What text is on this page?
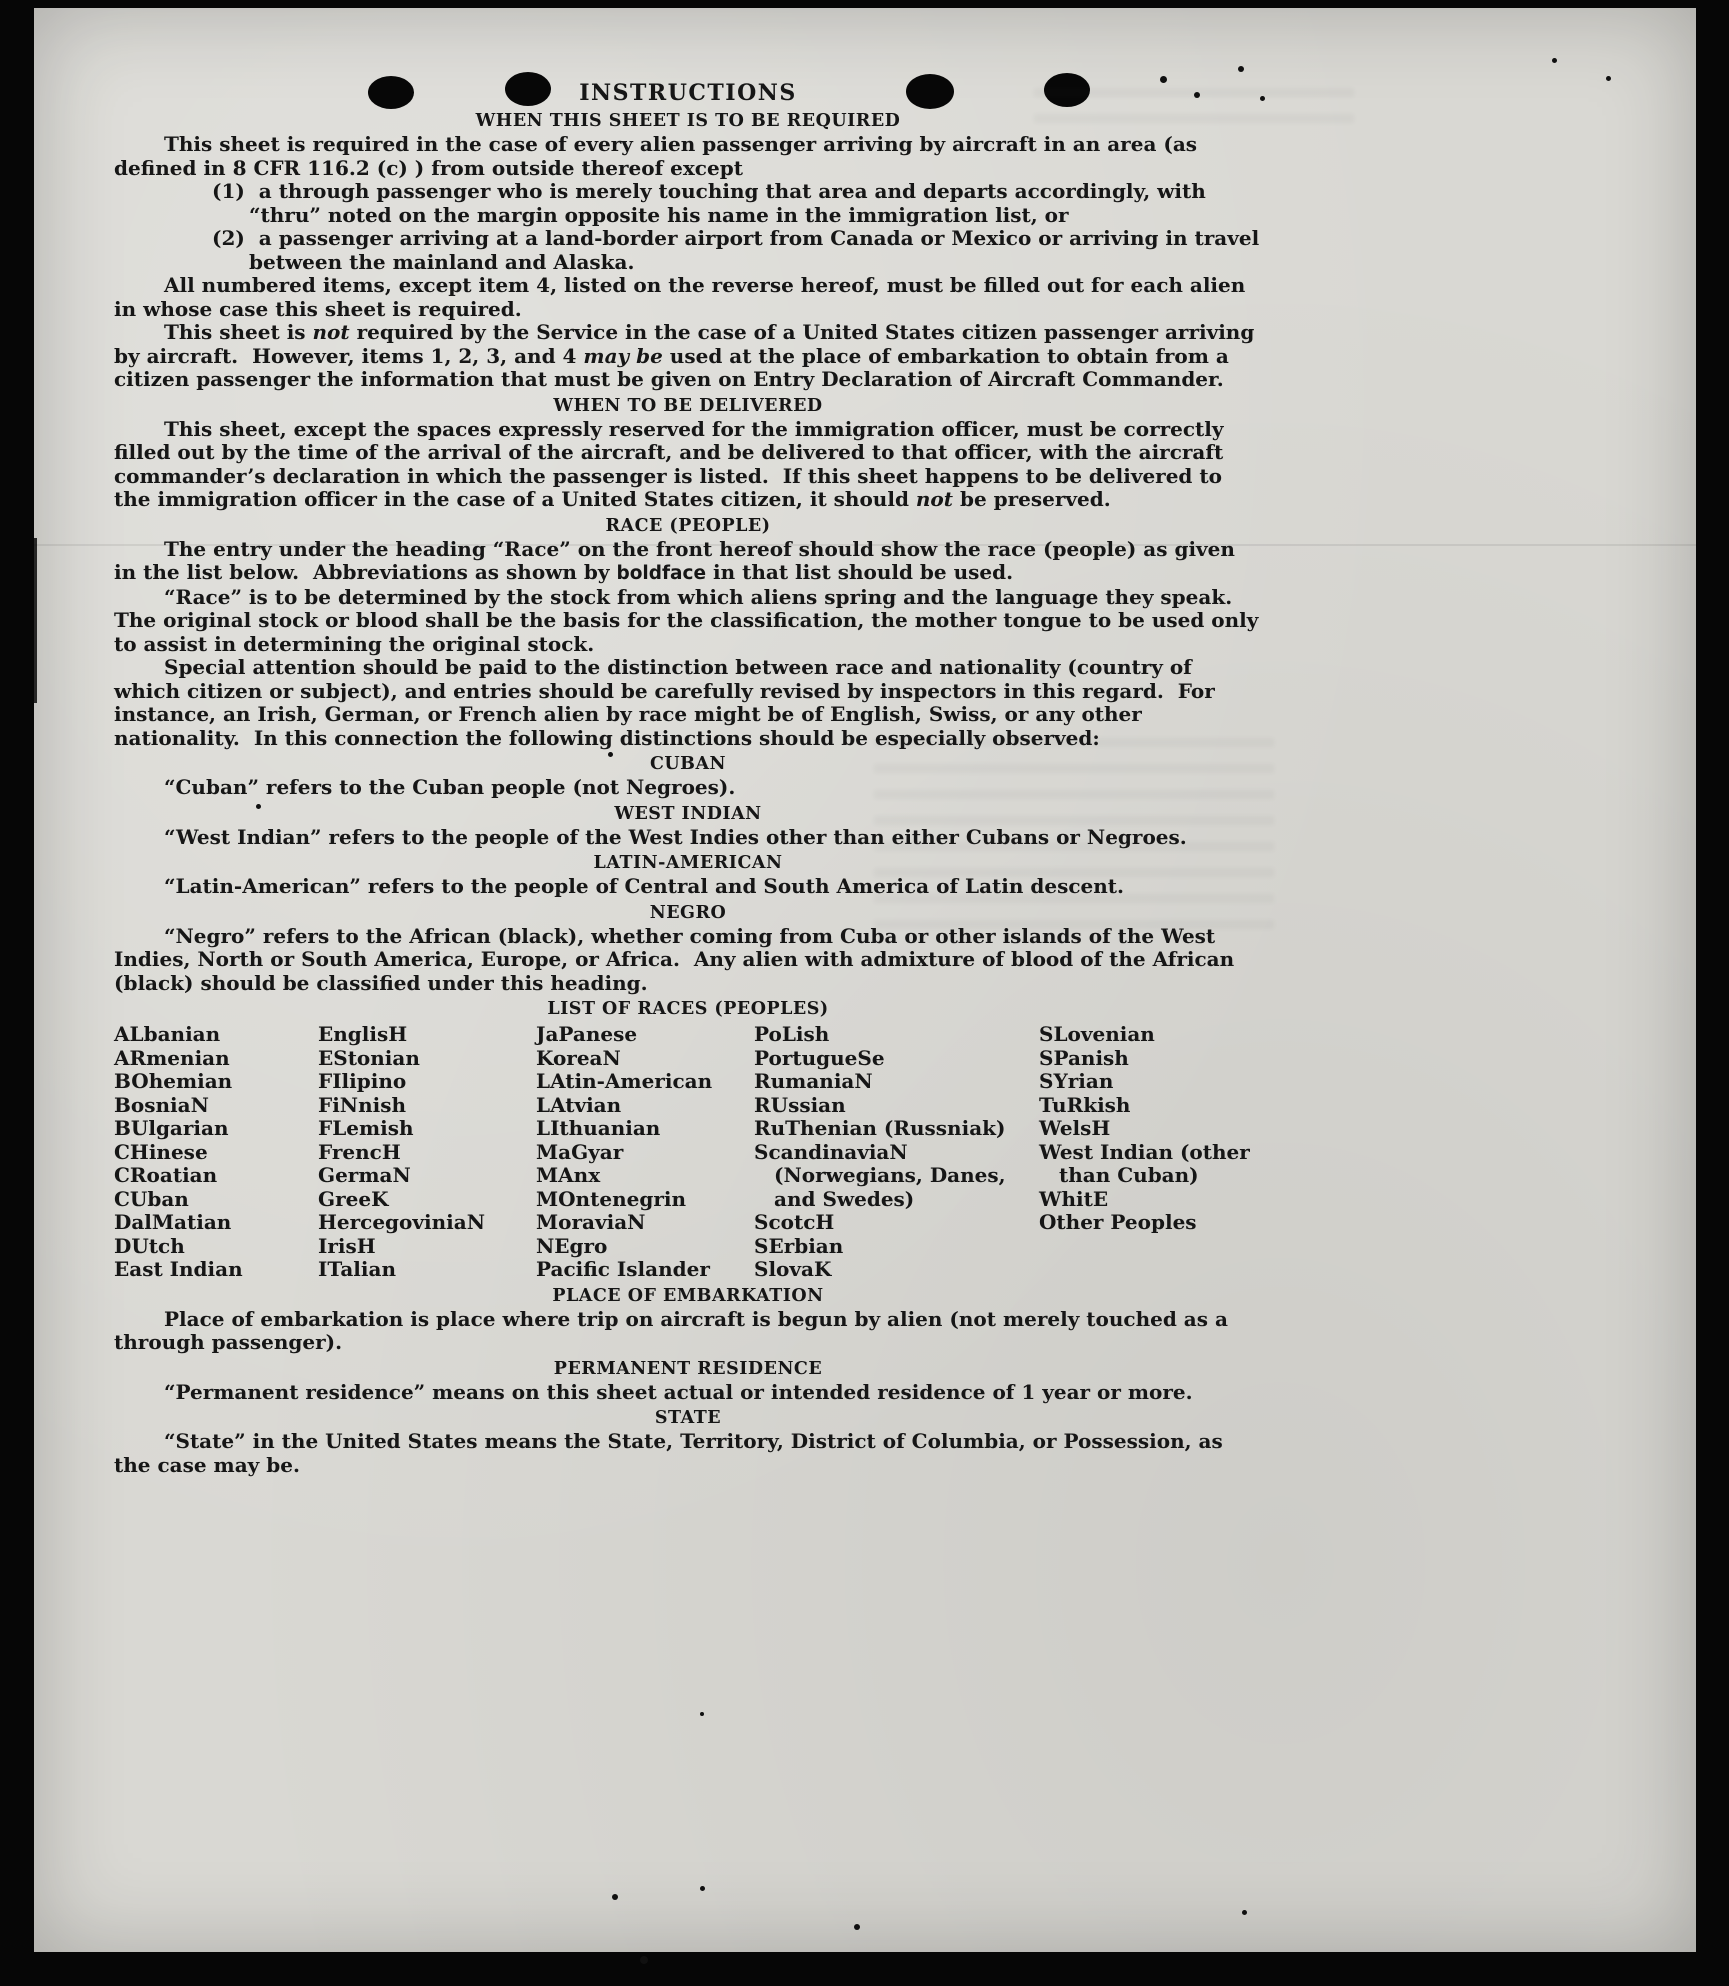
INSTRUCTIONS
WHEN THIS SHEET IS TO BE REQUIRED

This sheet is required in the case of every alien passenger arriving by aircraft in an area (as defined in 8 CFR 116.2 (c) ) from outside thereof except

(1)  a through passenger who is merely touching that area and departs accordingly, with “thru” noted on the margin opposite his name in the immigration list, or

(2)  a passenger arriving at a land-border airport from Canada or Mexico or arriving in travel between the mainland and Alaska.

All numbered items, except item 4, listed on the reverse hereof, must be filled out for each alien in whose case this sheet is required.

This sheet is not required by the Service in the case of a United States citizen passenger arriving by aircraft.  However, items 1, 2, 3, and 4 may be used at the place of embarkation to obtain from a citizen passenger the information that must be given on Entry Declaration of Aircraft Commander.

WHEN TO BE DELIVERED

This sheet, except the spaces expressly reserved for the immigration officer, must be correctly filled out by the time of the arrival of the aircraft, and be delivered to that officer, with the aircraft commander’s declaration in which the passenger is listed.  If this sheet happens to be delivered to the immigration officer in the case of a United States citizen, it should not be preserved.

RACE (PEOPLE)

The entry under the heading “Race” on the front hereof should show the race (people) as given in the list below.  Abbreviations as shown by boldface in that list should be used.

“Race” is to be determined by the stock from which aliens spring and the language they speak.  The original stock or blood shall be the basis for the classification, the mother tongue to be used only to assist in determining the original stock.

Special attention should be paid to the distinction between race and nationality (country of which citizen or subject), and entries should be carefully revised by inspectors in this regard.  For instance, an Irish, German, or French alien by race might be of English, Swiss, or any other nationality.  In this connection the following distinctions should be especially observed:

CUBAN

“Cuban” refers to the Cuban people (not Negroes).

WEST INDIAN

“West Indian” refers to the people of the West Indies other than either Cubans or Negroes.

LATIN-AMERICAN

“Latin-American” refers to the people of Central and South America of Latin descent.

NEGRO

“Negro” refers to the African (black), whether coming from Cuba or other islands of the West Indies, North or South America, Europe, or Africa.  Any alien with admixture of blood of the African (black) should be classified under this heading.

LIST OF RACES (PEOPLES)
ALbanian
ARmenian
BOhemian
BosniaN
BUlgarian
CHinese
CRoatian
CUban
DalMatian
DUtch
East Indian
EnglisH
EStonian
FIlipino
FiNnish
FLemish
FrencH
GermaN
GreeK
HercegoviniaN
IrisH
ITalian
JaPanese
KoreaN
LAtin-American
LAtvian
LIthuanian
MaGyar
MAnx
MOntenegrin
MoraviaN
NEgro
Pacific Islander
PoLish
PortugueSe
RumaniaN
RUssian
RuThenian (Russniak)
ScandinaviaN (Norwegians, Danes, and Swedes)
ScotcH
SErbian
SlovaK
SLovenian
SPanish
SYrian
TuRkish
WelsH
West Indian (other than Cuban)
WhitE
Other Peoples
PLACE OF EMBARKATION

Place of embarkation is place where trip on aircraft is begun by alien (not merely touched as a through passenger).

PERMANENT RESIDENCE

“Permanent residence” means on this sheet actual or intended residence of 1 year or more.

STATE

“State” in the United States means the State, Territory, District of Columbia, or Possession, as the case may be.
